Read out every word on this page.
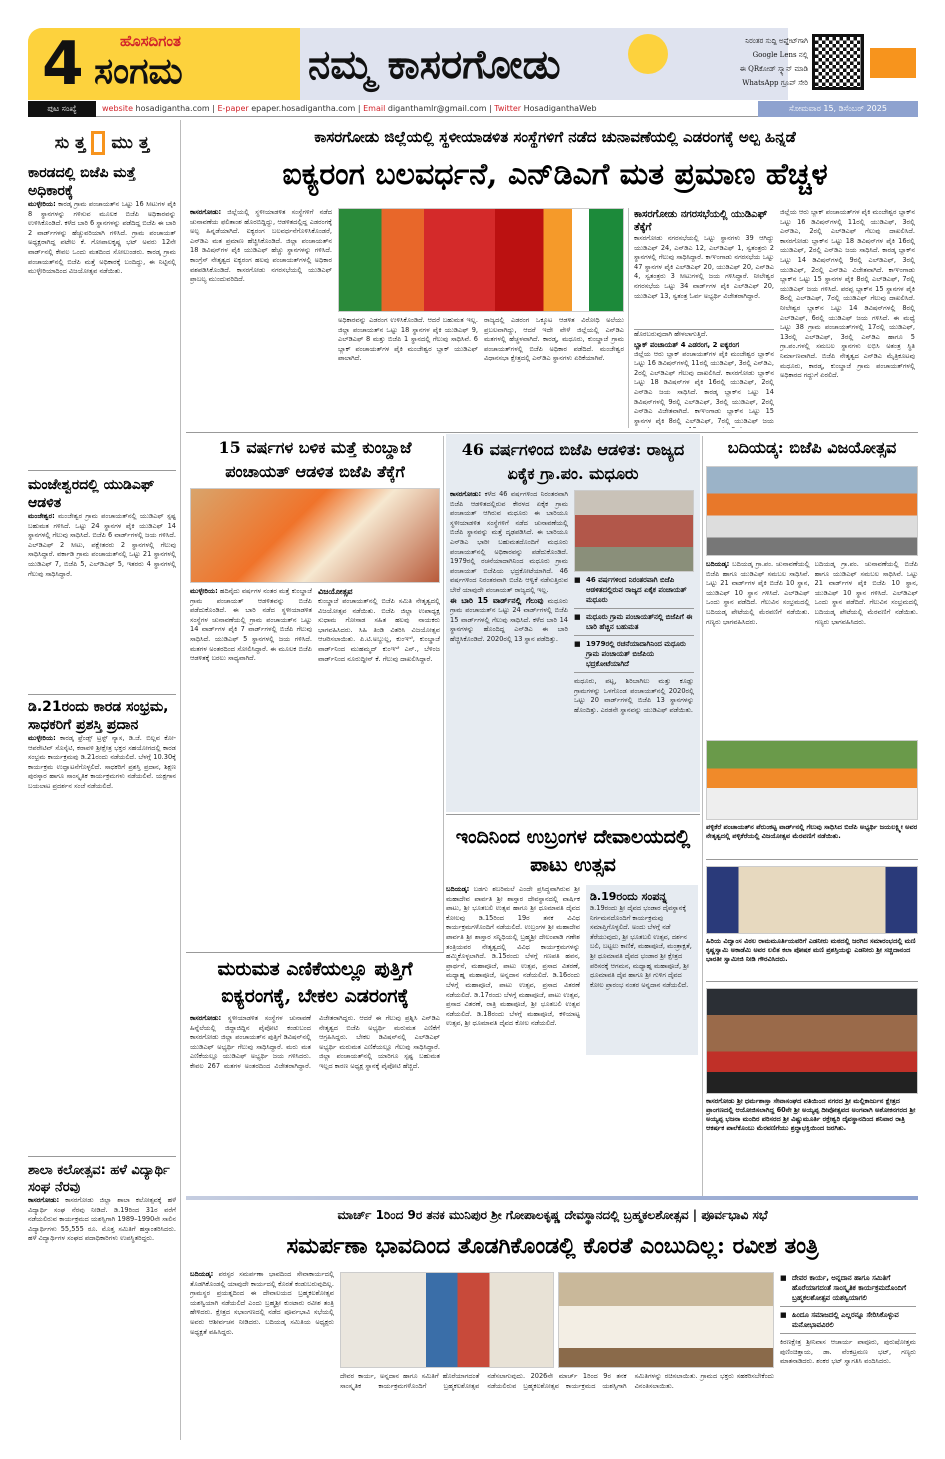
4 ಹೊಸದಿಗಂತ
ಸಂಗಮ	ನಮ್ಮ ಕಾಸರಗೋಡು	ನಿರಂತರ ಸುದ್ದಿ ಅಪ್ಡೇಟ್‌ಗಾಗಿ
Google Lens ನಲ್ಲಿ
ಈ QRಕೋಡ್ ಸ್ಕ್ಯಾನ್ ಮಾಡಿ
WhatsApp ಗ್ರೂಪ್ ಸೇರಿ
ಪುಟ ಸಂಖ್ಯೆ	website hosadigantha.com | E-paper epaper.hosadigantha.com | Email diganthamlr@gmail.com | Twitter HosadiganthaWeb	ಸೋಮವಾರ 15, ಡಿಸೆಂಬರ್ 2025
ಸು ತ್ತ ಮು ತ್ತ
ಕಾರಡದಲ್ಲಿ ಬಿಜೆಪಿ ಮತ್ತೆ ಅಧಿಕಾರಕ್ಕೆ
ಮುಳ್ಳೇರಿಯ: ಕಾರಡ್ಕ ಗ್ರಾಮ ಪಂಚಾಯತ್‌ನ ಒಟ್ಟು 16 ಸೀಟುಗಳ ಪೈಕಿ 8 ಸ್ಥಾನಗಳನ್ನು ಗಳಿಸುವ ಮೂಲಕ ಬಿಜೆಪಿ ಅಧಿಕಾರವನ್ನು ಉಳಿಸಿಕೊಂಡಿದೆ. ಕಳೆದ ಬಾರಿ 6 ಸ್ಥಾನಗಳನ್ನು ಪಡೆದಿದ್ದ ಬಿಜೆಪಿ ಈ ಬಾರಿ 2 ವಾರ್ಡ್‌ಗಳನ್ನು ಹೆಚ್ಚುವರಿಯಾಗಿ ಗಳಿಸಿದೆ. ಗ್ರಾಮ ಪಂಚಾಯತ್ ಅಧ್ಯಕ್ಷರಾಗಿದ್ದ ಪಟೇಲ ಕೆ. ಗೋಪಾಲಕೃಷ್ಣ ಭಟ್ ಅವರು 12ನೇ ವಾರ್ಡ್‌ನಲ್ಲಿ ಕೇವಲ ಒಂದು ಮತದಿಂದ ಸೋಲುಂಡರು. ಕಾರಡ್ಕ ಗ್ರಾಮ ಪಂಚಾಯತ್‌ನಲ್ಲಿ ಬಿಜೆಪಿ ಮತ್ತೆ ಅಧಿಕಾರಕ್ಕೆ ಬಂದಿದ್ದು, ಈ ನಿಟ್ಟಿನಲ್ಲಿ ಮುಳ್ಳೇರಿಯಾದಿಂದ ವಿಜಯೋತ್ಸವ ನಡೆಯಿತು.
ಮಂಜೇಶ್ವರದಲ್ಲಿ ಯುಡಿಎಫ್ ಆಡಳಿತ
ಮಂಜೇಶ್ವರ: ಮಂಜೇಶ್ವರ ಗ್ರಾಮ ಪಂಚಾಯತ್‌ನಲ್ಲಿ ಯುಡಿಎಫ್ ಸ್ಪಷ್ಟ ಬಹುಮತ ಗಳಿಸಿದೆ. ಒಟ್ಟು 24 ಸ್ಥಾನಗಳ ಪೈಕಿ ಯುಡಿಎಫ್ 14 ಸ್ಥಾನಗಳಲ್ಲಿ ಗೆಲುವು ಸಾಧಿಸಿದೆ. ಬಿಜೆಪಿ 6 ವಾರ್ಡ್‌ಗಳಲ್ಲಿ ಜಯ ಗಳಿಸಿದೆ. ಎಲ್‌ಡಿಎಫ್ 2 ಸೀಟು, ಪಕ್ಷೇತರರು 2 ಸ್ಥಾನಗಳಲ್ಲಿ ಗೆಲುವು ಸಾಧಿಸಿದ್ದಾರೆ. ವರ್ಕಾಡಿ ಗ್ರಾಮ ಪಂಚಾಯತ್‌ನಲ್ಲಿ ಒಟ್ಟು 21 ಸ್ಥಾನಗಳಲ್ಲಿ ಯುಡಿಎಫ್ 7, ಬಿಜೆಪಿ 5, ಎಲ್‌ಡಿಎಫ್ 5, ಇತರರು 4 ಸ್ಥಾನಗಳಲ್ಲಿ ಗೆಲುವು ಸಾಧಿಸಿದ್ದಾರೆ.
ಡಿ.21ರಂದು ಕಾರಡ ಸಂಭ್ರಮ, ಸಾಧಕರಿಗೆ ಪ್ರಶಸ್ತಿ ಪ್ರದಾನ
ಮುಳ್ಳೇರಿಯ: ಕಾರಡ್ಕ ಫ್ರೆಂಡ್ಸ್ ಟ್ರಸ್ಟ್ ನ್ಯಾಸ, ಡಿ.ಜೆ. ಬಿಲ್ಲವ ಕೋ-ಆಪರೇಟಿವ್ ಸೊಸೈಟಿ, ಕರಾವಳಿ ಶ್ರೀಕ್ಷೇತ್ರ ಭಕ್ತರ ಸಹಯೋಗದಲ್ಲಿ ಕಾರಡ ಸಂಭ್ರಮ ಕಾರ್ಯಕ್ರಮವು ಡಿ.21ರಂದು ನಡೆಯಲಿದೆ. ಬೆಳಗ್ಗೆ 10.30ಕ್ಕೆ ಕಾರ್ಯಕ್ರಮ ಉದ್ಘಾಟನೆಗೊಳ್ಳಲಿದೆ. ಸಾಧಕರಿಗೆ ಪ್ರಶಸ್ತಿ ಪ್ರದಾನ, ಶಿಕ್ಷಣ ಪುರಸ್ಕಾರ ಹಾಗೂ ಸಾಂಸ್ಕೃತಿಕ ಕಾರ್ಯಕ್ರಮಗಳು ನಡೆಯಲಿವೆ. ಯಕ್ಷಗಾನ ಬಯಲಾಟ ಪ್ರದರ್ಶನ ಸಂಜೆ ನಡೆಯಲಿದೆ.
ಶಾಲಾ ಕಲೋತ್ಸವ: ಹಳೆ ವಿದ್ಯಾರ್ಥಿ ಸಂಘ ನೆರವು
ಕಾಸರಗೋಡು: ಕಾಸರಗೋಡು ಜಿಲ್ಲಾ ಶಾಲಾ ಕಲೋತ್ಸವಕ್ಕೆ ಹಳೆ ವಿದ್ಯಾರ್ಥಿ ಸಂಘ ನೆರವು ನೀಡಿದೆ. ಡಿ.19ರಿಂದ 31ರ ವರೆಗೆ ನಡೆಯಲಿರುವ ಕಾರ್ಯಕ್ರಮದ ಯಶಸ್ಸಿಗಾಗಿ 1989–1990ನೇ ಸಾಲಿನ ವಿದ್ಯಾರ್ಥಿಗಳು 55,555 ರೂ. ಮೊತ್ತ ಸಮಿತಿಗೆ ಹಸ್ತಾಂತರಿಸಿದರು. ಹಳೆ ವಿದ್ಯಾರ್ಥಿಗಳ ಸಂಘದ ಪದಾಧಿಕಾರಿಗಳು ಉಪಸ್ಥಿತರಿದ್ದರು.
ಕಾಸರಗೋಡು ಜಿಲ್ಲೆಯಲ್ಲಿ ಸ್ಥಳೀಯಾಡಳಿತ ಸಂಸ್ಥೆಗಳಿಗೆ ನಡೆದ ಚುನಾವಣೆಯಲ್ಲಿ ಎಡರಂಗಕ್ಕೆ ಅಲ್ಪ ಹಿನ್ನಡೆ
ಐಕ್ಯರಂಗ ಬಲವರ್ಧನೆ, ಎನ್‌ಡಿಎಗೆ ಮತ ಪ್ರಮಾಣ ಹೆಚ್ಚಳ
ಕಾಸರಗೋಡು: ಜಿಲ್ಲೆಯಲ್ಲಿ ಸ್ಥಳೀಯಾಡಳಿತ ಸಂಸ್ಥೆಗಳಿಗೆ ನಡೆದ ಚುನಾವಣೆಯ ಫಲಿತಾಂಶ ಹೊರಬಿದ್ದಿದ್ದು, ಆಡಳಿತದಲ್ಲಿದ್ದ ಎಡರಂಗಕ್ಕೆ ಅಲ್ಪ ಹಿನ್ನಡೆಯಾಗಿದೆ. ಐಕ್ಯರಂಗ ಬಲವರ್ಧನೆಗೊಳಿಸಿಕೊಂಡರೆ, ಎನ್‌ಡಿಎ ಮತ ಪ್ರಮಾಣ ಹೆಚ್ಚಿಸಿಕೊಂಡಿದೆ. ಜಿಲ್ಲಾ ಪಂಚಾಯತ್‌ನ 18 ಡಿವಿಷನ್‌ಗಳ ಪೈಕಿ ಯುಡಿಎಫ್ ಹೆಚ್ಚು ಸ್ಥಾನಗಳನ್ನು ಗಳಿಸಿದೆ. ಕಾಂಗ್ರೆಸ್ ನೇತೃತ್ವದ ಐಕ್ಯರಂಗ ಹಲವು ಪಂಚಾಯತ್‌ಗಳಲ್ಲಿ ಅಧಿಕಾರ ವಶಪಡಿಸಿಕೊಂಡಿದೆ. ಕಾಸರಗೋಡು ನಗರಸಭೆಯಲ್ಲಿ ಯುಡಿಎಫ್ ಪ್ರಾಬಲ್ಯ ಮುಂದುವರಿದಿದೆ.
ಅಧಿಕಾರವನ್ನು ಎಡರಂಗ ಉಳಿಸಿಕೊಂಡಿದೆ. ಆದರೆ ಬಹುಮತ ಇಲ್ಲ. ಜಿಲ್ಲಾ ಪಂಚಾಯತ್‌ನ ಒಟ್ಟು 18 ಸ್ಥಾನಗಳ ಪೈಕಿ ಯುಡಿಎಫ್ 9, ಎಲ್‌ಡಿಎಫ್ 8 ಮತ್ತು ಬಿಜೆಪಿ 1 ಸ್ಥಾನದಲ್ಲಿ ಗೆಲುವು ಸಾಧಿಸಿವೆ. 6 ಬ್ಲಾಕ್ ಪಂಚಾಯತ್‌ಗಳ ಪೈಕಿ ಮಂಜೇಶ್ವರ ಬ್ಲಾಕ್ ಯುಡಿಎಫ್ ಪಾಲಾಗಿದೆ.
ರಾಜ್ಯದಲ್ಲಿ ಎಡರಂಗ ಒಕ್ಕೂಟ ಆಡಳಿತ ವಿರೋಧಿ ಅಲೆಯು ಪ್ರಬಲವಾಗಿದ್ದು, ಆದರೆ ಇದೇ ವೇಳೆ ಜಿಲ್ಲೆಯಲ್ಲಿ ಎನ್‌ಡಿಎ ಮತಗಳಲ್ಲಿ ಹೆಚ್ಚಳವಾಗಿದೆ. ಕಾರಡ್ಕ, ಮಧೂರು, ಕುಂಬ್ಡಾಜೆ ಗ್ರಾಮ ಪಂಚಾಯತ್‌ಗಳಲ್ಲಿ ಬಿಜೆಪಿ ಅಧಿಕಾರ ಪಡೆದಿದೆ. ಮಂಜೇಶ್ವರ ವಿಧಾನಸಭಾ ಕ್ಷೇತ್ರದಲ್ಲಿ ಎನ್‌ಡಿಎ ಸ್ಥಾನಗಳು ಏರಿಕೆಯಾಗಿವೆ.
ಕಾಸರಗೋಡು ನಗರಸಭೆಯಲ್ಲಿ ಯುಡಿಎಫ್ ತೆಕ್ಕೆಗೆ
ಕಾಸರಗೋಡು ನಗರಸಭೆಯಲ್ಲಿ ಒಟ್ಟು ಸ್ಥಾನಗಳು 39 ಆಗಿದ್ದು ಯುಡಿಎಫ್ 24, ಎನ್‌ಡಿಎ 12, ಎಲ್‌ಡಿಎಫ್ 1, ಸ್ವತಂತ್ರರು 2 ಸ್ಥಾನಗಳಲ್ಲಿ ಗೆಲುವು ಸಾಧಿಸಿದ್ದಾರೆ. ಕಾಞಂಗಾಡು ನಗರಸಭೆಯ ಒಟ್ಟು 47 ಸ್ಥಾನಗಳ ಪೈಕಿ ಎಲ್‌ಡಿಎಫ್ 20, ಯುಡಿಎಫ್ 20, ಎನ್‌ಡಿಎ 4, ಸ್ವತಂತ್ರರು 3 ಸೀಟುಗಳಲ್ಲಿ ಜಯ ಗಳಿಸಿದ್ದಾರೆ. ನೀಲೇಶ್ವರ ನಗರಸಭೆಯ ಒಟ್ಟು 34 ವಾರ್ಡ್‌ಗಳ ಪೈಕಿ ಎಲ್‌ಡಿಎಫ್ 20, ಯುಡಿಎಫ್ 13, ಸ್ವತಂತ್ರ ಓರ್ವ ಅಭ್ಯರ್ಥಿ ವಿಜೇತರಾಗಿದ್ದಾರೆ.
ಹೊರಬರುವುದಾಗಿ ಹೇಳಲಾಗುತ್ತಿದೆ.
ಬ್ಲಾಕ್ ಪಂಚಾಯತ್ 4 ಎಡರಂಗ, 2 ಐಕ್ಯರಂಗ
ಜಿಲ್ಲೆಯ ಆರು ಬ್ಲಾಕ್ ಪಂಚಾಯತ್‌ಗಳ ಪೈಕಿ ಮಂಜೇಶ್ವರ ಬ್ಲಾಕ್‌ನ ಒಟ್ಟು 16 ಡಿವಿಷನ್‌ಗಳಲ್ಲಿ 11ರಲ್ಲಿ ಯುಡಿಎಫ್, 3ರಲ್ಲಿ ಎನ್‌ಡಿಎ, 2ರಲ್ಲಿ ಎಲ್‌ಡಿಎಫ್ ಗೆಲುವು ದಾಖಲಿಸಿದೆ. ಕಾಸರಗೋಡು ಬ್ಲಾಕ್‌ನ ಒಟ್ಟು 18 ಡಿವಿಷನ್‌ಗಳ ಪೈಕಿ 16ರಲ್ಲಿ ಯುಡಿಎಫ್, 2ರಲ್ಲಿ ಎನ್‌ಡಿಎ ಜಯ ಸಾಧಿಸಿದೆ. ಕಾರಡ್ಕ ಬ್ಲಾಕ್‌ನ ಒಟ್ಟು 14 ಡಿವಿಷನ್‌ಗಳಲ್ಲಿ 9ರಲ್ಲಿ ಎಲ್‌ಡಿಎಫ್, 3ರಲ್ಲಿ ಯುಡಿಎಫ್, 2ರಲ್ಲಿ ಎನ್‌ಡಿಎ ವಿಜೇತವಾಗಿದೆ. ಕಾಞಂಗಾಡು ಬ್ಲಾಕ್‌ನ ಒಟ್ಟು 15 ಸ್ಥಾನಗಳ ಪೈಕಿ 8ರಲ್ಲಿ ಎಲ್‌ಡಿಎಫ್, 7ರಲ್ಲಿ ಯುಡಿಎಫ್ ಜಯ
ಜಿಲ್ಲೆಯ ಆರು ಬ್ಲಾಕ್ ಪಂಚಾಯತ್‌ಗಳ ಪೈಕಿ ಮಂಜೇಶ್ವರ ಬ್ಲಾಕ್‌ನ ಒಟ್ಟು 16 ಡಿವಿಷನ್‌ಗಳಲ್ಲಿ 11ರಲ್ಲಿ ಯುಡಿಎಫ್, 3ರಲ್ಲಿ ಎನ್‌ಡಿಎ, 2ರಲ್ಲಿ ಎಲ್‌ಡಿಎಫ್ ಗೆಲುವು ದಾಖಲಿಸಿದೆ. ಕಾಸರಗೋಡು ಬ್ಲಾಕ್‌ನ ಒಟ್ಟು 18 ಡಿವಿಷನ್‌ಗಳ ಪೈಕಿ 16ರಲ್ಲಿ ಯುಡಿಎಫ್, 2ರಲ್ಲಿ ಎನ್‌ಡಿಎ ಜಯ ಸಾಧಿಸಿದೆ. ಕಾರಡ್ಕ ಬ್ಲಾಕ್‌ನ ಒಟ್ಟು 14 ಡಿವಿಷನ್‌ಗಳಲ್ಲಿ 9ರಲ್ಲಿ ಎಲ್‌ಡಿಎಫ್, 3ರಲ್ಲಿ ಯುಡಿಎಫ್, 2ರಲ್ಲಿ ಎನ್‌ಡಿಎ ವಿಜೇತವಾಗಿದೆ. ಕಾಞಂಗಾಡು ಬ್ಲಾಕ್‌ನ ಒಟ್ಟು 15 ಸ್ಥಾನಗಳ ಪೈಕಿ 8ರಲ್ಲಿ ಎಲ್‌ಡಿಎಫ್, 7ರಲ್ಲಿ ಯುಡಿಎಫ್ ಜಯ ಗಳಿಸಿದೆ. ಪರಪ್ಪ ಬ್ಲಾಕ್‌ನ 15 ಸ್ಥಾನಗಳ ಪೈಕಿ 8ರಲ್ಲಿ ಎಲ್‌ಡಿಎಫ್, 7ರಲ್ಲಿ ಯುಡಿಎಫ್ ಗೆಲುವು ದಾಖಲಿಸಿದೆ. ನೀಲೇಶ್ವರ ಬ್ಲಾಕ್‌ನ ಒಟ್ಟು 14 ಡಿವಿಷನ್‌ಗಳಲ್ಲಿ 8ರಲ್ಲಿ ಎಲ್‌ಡಿಎಫ್, 6ರಲ್ಲಿ ಯುಡಿಎಫ್ ಜಯ ಗಳಿಸಿದೆ. ಈ ಮಧ್ಯೆ ಒಟ್ಟು 38 ಗ್ರಾಮ ಪಂಚಾಯತ್‌ಗಳಲ್ಲಿ 17ರಲ್ಲಿ ಯುಡಿಎಫ್, 13ರಲ್ಲಿ ಎಲ್‌ಡಿಎಫ್, 3ರಲ್ಲಿ ಎನ್‌ಡಿಎ ಹಾಗೂ 5 ಗ್ರಾ.ಪಂ.ಗಳಲ್ಲಿ ಸಮಬಲ ಸ್ಥಾನಗಳು ಲಭಿಸಿ ಅತಂತ್ರ ಸ್ಥಿತಿ ನಿರ್ಮಾಣವಾಗಿದೆ. ಬಿಜೆಪಿ ನೇತೃತ್ವದ ಎನ್‌ಡಿಎ ಮೈತ್ರಿಕೂಟವು ಮಧೂರು, ಕಾರಡ್ಕ, ಕುಂಬ್ಡಾಜೆ ಗ್ರಾಮ ಪಂಚಾಯತ್‌ಗಳಲ್ಲಿ ಅಧಿಕಾರದ ಗದ್ದುಗೆ ಏರಲಿದೆ.
15 ವರ್ಷಗಳ ಬಳಿಕ ಮತ್ತೆ ಕುಂಬ್ಡಾಜೆ ಪಂಚಾಯತ್ ಆಡಳಿತ ಬಿಜೆಪಿ ತೆಕ್ಕೆಗೆ
ಮುಳ್ಳೇರಿಯ: ಹದಿನೈದು ವರ್ಷಗಳ ನಂತರ ಮತ್ತೆ ಕುಂಬ್ಡಾಜೆ ಗ್ರಾಮ ಪಂಚಾಯತ್ ಆಡಳಿತವನ್ನು ಬಿಜೆಪಿ ಪಡೆದುಕೊಂಡಿದೆ. ಈ ಬಾರಿ ನಡೆದ ಸ್ಥಳೀಯಾಡಳಿತ ಸಂಸ್ಥೆಗಳ ಚುನಾವಣೆಯಲ್ಲಿ ಗ್ರಾಮ ಪಂಚಾಯತ್‌ನ ಒಟ್ಟು 14 ವಾರ್ಡ್‌ಗಳ ಪೈಕಿ 7 ವಾರ್ಡ್‌ಗಳಲ್ಲಿ ಬಿಜೆಪಿ ಗೆಲುವು ಸಾಧಿಸಿದೆ. ಯುಡಿಎಫ್ 5 ಸ್ಥಾನಗಳಲ್ಲಿ ಜಯ ಗಳಿಸಿದೆ. ಮತಗಳ ಅಂತರದಿಂದ ಸೋಲಿಸಿದ್ದಾರೆ. ಈ ಮೂಲಕ ಬಿಜೆಪಿ ಆಡಳಿತಕ್ಕೆ ಬರಲು ಸಾಧ್ಯವಾಗಿದೆ.
ವಿಜಯೋತ್ಸವ
ಕುಂಬ್ಡಾಜೆ ಪಂಚಾಯತ್‌ನಲ್ಲಿ ಬಿಜೆಪಿ ಸಮಿತಿ ನೇತೃತ್ವದಲ್ಲಿ ವಿಜಯೋತ್ಸವ ನಡೆಯಿತು. ಬಿಜೆಪಿ ಜಿಲ್ಲಾ ಉಪಾಧ್ಯಕ್ಷ ಸುಧಾಮ ಗೋಸಾಡ ಸಹಿತ ಹಲವು ನಾಯಕರು ಭಾಗವಹಿಸಿದರು. ಸಿಹಿ ತಿಂಡಿ ವಿತರಿಸಿ ವಿಜಯೋತ್ಸವ ಆಚರಿಸಲಾಯಿತು. ಪಿ.ಟಿ.ಅಬ್ದುಲ್ಲ, ಕುಂಞಿ, ಕುಂಬ್ಡಾಜೆ ವಾರ್ಡ್‌ನಿಂದ ಮುಹಮ್ಮದ್ ಕುಂಞಿ ಎನ್., ಬೆಳಿಂಜ ವಾರ್ಡ್‌ನಿಂದ ನೂರುದ್ದೀನ್ ಕೆ. ಗೆಲುವು ದಾಖಲಿಸಿದ್ದಾರೆ.
46 ವರ್ಷಗಳಿಂದ ಬಿಜೆಪಿ ಆಡಳಿತ: ರಾಜ್ಯದ ಏಕೈಕ ಗ್ರಾ.ಪಂ. ಮಧೂರು
ಕಾಸರಗೋಡು: ಕಳೆದ 46 ವರ್ಷಗಳಿಂದ ನಿರಂತರವಾಗಿ ಬಿಜೆಪಿ ಆಡಳಿತದಲ್ಲಿರುವ ಕೇರಳದ ಏಕೈಕ ಗ್ರಾಮ ಪಂಚಾಯತ್ ಆಗಿರುವ ಮಧೂರು ಈ ಬಾರಿಯೂ ಸ್ಥಳೀಯಾಡಳಿತ ಸಂಸ್ಥೆಗಳಿಗೆ ನಡೆದ ಚುನಾವಣೆಯಲ್ಲಿ ಬಿಜೆಪಿ ಸ್ಥಾನವನ್ನು ಮತ್ತೆ ದೃಢಪಡಿಸಿದೆ. ಈ ಬಾರಿಯೂ ಎನ್‌ಡಿಎ ಭಾರೀ ಬಹುಮತದೊಂದಿಗೆ ಮಧೂರು ಪಂಚಾಯತ್‌ನಲ್ಲಿ ಅಧಿಕಾರವನ್ನು ಪಡೆದುಕೊಂಡಿದೆ. 1979ರಲ್ಲಿ ರಚನೆಯಾದಾಗಿನಿಂದ ಮಧೂರು ಗ್ರಾಮ ಪಂಚಾಯತ್ ಬಿಜೆಪಿಯ ಭದ್ರಕೋಟೆಯಾಗಿದೆ. 46 ವರ್ಷಗಳಿಂದ ನಿರಂತರವಾಗಿ ಬಿಜೆಪಿ ಆಳ್ವಿಕೆ ನಡೆಸುತ್ತಿರುವ ಬೇರೆ ಯಾವುದೇ ಪಂಚಾಯತ್ ರಾಜ್ಯದಲ್ಲಿ ಇಲ್ಲ.
ಈ ಬಾರಿ 15 ವಾರ್ಡ್‌ನಲ್ಲಿ ಗೆಲುವು ಮಧೂರು ಗ್ರಾಮ ಪಂಚಾಯತ್‌ನ ಒಟ್ಟು 24 ವಾರ್ಡ್‌ಗಳಲ್ಲಿ ಬಿಜೆಪಿ 15 ವಾರ್ಡ್‌ಗಳಲ್ಲಿ ಗೆಲುವು ಸಾಧಿಸಿದೆ. ಕಳೆದ ಬಾರಿ 14 ಸ್ಥಾನಗಳನ್ನು ಹೊಂದಿದ್ದ ಎನ್‌ಡಿಎ ಈ ಬಾರಿ ಹೆಚ್ಚಿಸಿಕೊಂಡಿದೆ. 2020ರಲ್ಲಿ 13 ಸ್ಥಾನ ಪಡೆದಿತ್ತು.
■ 46 ವರ್ಷಗಳಿಂದ ನಿರಂತರವಾಗಿ ಬಿಜೆಪಿ ಆಡಳಿತದಲ್ಲಿರುವ ರಾಜ್ಯದ ಏಕೈಕ ಪಂಚಾಯತ್ ಮಧೂರು
■ ಮಧೂರು ಗ್ರಾಮ ಪಂಚಾಯತ್‌ನಲ್ಲಿ ಬಿಜೆಪಿಗೆ ಈ ಬಾರಿ ಹೆಚ್ಚಿನ ಬಹುಮತ
■ 1979ರಲ್ಲಿ ರಚನೆಯಾದಾಗಿನಿಂದ ಮಧೂರು ಗ್ರಾಮ ಪಂಚಾಯತ್ ಬಿಜೆಪಿಯ ಭದ್ರಕೋಟೆಯಾಗಿದೆ
ಮಧೂರು, ಪಟ್ಲ, ಶಿರಿಬಾಗಿಲು ಮತ್ತು ಕೂಡ್ಲು ಗ್ರಾಮಗಳನ್ನು ಒಳಗೊಂಡ ಪಂಚಾಯತ್‌ನಲ್ಲಿ 2020ರಲ್ಲಿ ಒಟ್ಟು 20 ವಾರ್ಡ್‌ಗಳಲ್ಲಿ ಬಿಜೆಪಿ 13 ಸ್ಥಾನಗಳನ್ನು ಹೊಂದಿತ್ತು. ಎರಡನೇ ಸ್ಥಾನವನ್ನು ಯುಡಿಎಫ್ ಪಡೆಯಿತು.
ಬದಿಯಡ್ಕ: ಬಿಜೆಪಿ ವಿಜಯೋತ್ಸವ
ಬದಿಯಡ್ಕ: ಬದಿಯಡ್ಕ ಗ್ರಾ.ಪಂ. ಚುನಾವಣೆಯಲ್ಲಿ ಬಿಜೆಪಿ ಹಾಗೂ ಯುಡಿಎಫ್ ಸಮಬಲ ಸಾಧಿಸಿವೆ. ಒಟ್ಟು 21 ವಾರ್ಡ್‌ಗಳ ಪೈಕಿ ಬಿಜೆಪಿ 10 ಸ್ಥಾನ, ಯುಡಿಎಫ್ 10 ಸ್ಥಾನ ಗಳಿಸಿದೆ. ಎಲ್‌ಡಿಎಫ್ ಒಂದು ಸ್ಥಾನ ಪಡೆದಿದೆ. ಗೆಲುವಿನ ಸಂಭ್ರಮದಲ್ಲಿ ಬದಿಯಡ್ಕ ಪೇಟೆಯಲ್ಲಿ ಮೆರವಣಿಗೆ ನಡೆಯಿತು. ಗಣ್ಯರು ಭಾಗವಹಿಸಿದರು.
ಬದಿಯಡ್ಕ ಗ್ರಾ.ಪಂ. ಚುನಾವಣೆಯಲ್ಲಿ ಬಿಜೆಪಿ ಹಾಗೂ ಯುಡಿಎಫ್ ಸಮಬಲ ಸಾಧಿಸಿವೆ. ಒಟ್ಟು 21 ವಾರ್ಡ್‌ಗಳ ಪೈಕಿ ಬಿಜೆಪಿ 10 ಸ್ಥಾನ, ಯುಡಿಎಫ್ 10 ಸ್ಥಾನ ಗಳಿಸಿದೆ. ಎಲ್‌ಡಿಎಫ್ ಒಂದು ಸ್ಥಾನ ಪಡೆದಿದೆ. ಗೆಲುವಿನ ಸಂಭ್ರಮದಲ್ಲಿ ಬದಿಯಡ್ಕ ಪೇಟೆಯಲ್ಲಿ ಮೆರವಣಿಗೆ ನಡೆಯಿತು. ಗಣ್ಯರು ಭಾಗವಹಿಸಿದರು.
ಪಳ್ಳಿಕೆರೆ ಪಂಚಾಯತ್‌ನ ಪೆರುಂಕಟ್ಟ ವಾರ್ಡ್‌ನಲ್ಲಿ ಗೆಲುವು ಸಾಧಿಸಿದ ಬಿಜೆಪಿ ಅಭ್ಯರ್ಥಿ ಜಯಲಕ್ಷ್ಮೀ ಅವರ ನೇತೃತ್ವದಲ್ಲಿ ಪಳ್ಳಿಕೆರೆಯಲ್ಲಿ ವಿಜಯೋತ್ಸವ ಮೆರವಣಿಗೆ ನಡೆಯಿತು.
ಹಿರಿಯ ವಿದ್ವಾಂಸ ವಿಠಲ ರಾಮಮೂರ್ತಿಯವರಿಗೆ ಎಡನೀರು ಮಠದಲ್ಲಿ ಜರಗಿದ ಸಮಾರಂಭದಲ್ಲಿ ಮಣಿ ಕೃಷ್ಣಸ್ವಾಮಿ ಅಕಾಡೆಮಿ ಅವರ ಲಲಿತ ಕಲಾ ಪೋಷಕ ಮಣಿ ಪ್ರಶಸ್ತಿಯನ್ನು ಎಡನೀರು ಶ್ರೀ ಸಚ್ಚಿದಾನಂದ ಭಾರತೀ ಸ್ವಾಮೀಜಿ ನೀಡಿ ಗೌರವಿಸಿದರು.
ಕಾಸರಗೋಡು ಶ್ರೀ ಧರ್ಮಶಾಸ್ತಾ ಸೇವಾಸಂಘದ ವತಿಯಿಂದ ನಗರದ ಶ್ರೀ ಮಲ್ಲಿಕಾರ್ಜುನ ಕ್ಷೇತ್ರದ ಪ್ರಾಂಗಣದಲ್ಲಿ ಆಯೋಜಿಸಲಾಗಿದ್ದ 60ನೇ ಶ್ರೀ ಅಯ್ಯಪ್ಪ ದೀಪೋತ್ಸವದ ಅಂಗವಾಗಿ ಅಶೋಕನಗರದ ಶ್ರೀ ಅಯ್ಯಪ್ಪ ಭಜನಾ ಮಂದಿರ ಪರಿಸರದ ಶ್ರೀ ವಿಷ್ಣುಮೂರ್ತಿ ರಕ್ತೇಶ್ವರಿ ದೈವಸ್ಥಾನದಿಂದ ಶನಿವಾರ ರಾತ್ರಿ ಆಕರ್ಷಕ ಪಾಲೆಕೊಂಬು ಮೆರವಣಿಗೆಯು ಶ್ರದ್ಧಾಭಕ್ತಿಯಿಂದ ಜರಗಿತು.
ಇಂದಿನಿಂದ ಉಬ್ರಂಗಳ ದೇವಾಲಯದಲ್ಲಿ ಪಾಟು ಉತ್ಸವ
ಬದಿಯಡ್ಕ: ಬಡಗು ಶಬರಿಮಲೆ ಎಂದೇ ಪ್ರಸಿದ್ಧವಾಗಿರುವ ಶ್ರೀ ಮಹಾದೇವ ಪಾರ್ವತಿ ಶ್ರೀ ಶಾಸ್ತಾರ ದೇವಸ್ಥಾನದಲ್ಲಿ ವಾರ್ಷಿಕ ಪಾಟು, ಶ್ರೀ ಭೂತಬಲಿ ಉತ್ಸವ ಹಾಗೂ ಶ್ರೀ ಧೂಮಾವತಿ ದೈವದ ಕೋಲವು ಡಿ.15ರಿಂದ 19ರ ತನಕ ವಿವಿಧ ಕಾರ್ಯಕ್ರಮಗಳೊಂದಿಗೆ ನಡೆಯಲಿದೆ. ಉಬ್ರಂಗಳ ಶ್ರೀ ಮಹಾದೇವ ಪಾರ್ವತಿ ಶ್ರೀ ಶಾಸ್ತಾರ ಸನ್ನಿಧಿಯಲ್ಲಿ ಬ್ರಹ್ಮಶ್ರೀ ದೇಲಂಪಾಡಿ ಗಣೇಶ ತಂತ್ರಿಯವರ ನೇತೃತ್ವದಲ್ಲಿ ವಿವಿಧ ಕಾರ್ಯಕ್ರಮಗಳನ್ನು ಹಮ್ಮಿಕೊಳ್ಳಲಾಗಿದೆ. ಡಿ.15ರಂದು ಬೆಳಗ್ಗೆ ಗಣಪತಿ ಹವನ, ಪ್ರಾರ್ಥನೆ, ಮಹಾಪೂಜೆ, ಪಾಟು ಉತ್ಸವ, ಪ್ರಸಾದ ವಿತರಣೆ, ಮಧ್ಯಾಹ್ನ ಮಹಾಪೂಜೆ, ಅನ್ನದಾನ ನಡೆಯಲಿದೆ. ಡಿ.16ರಂದು ಬೆಳಗ್ಗೆ ಮಹಾಪೂಜೆ, ಪಾಟು ಉತ್ಸವ, ಪ್ರಸಾದ ವಿತರಣೆ ನಡೆಯಲಿದೆ. ಡಿ.17ರಂದು ಬೆಳಗ್ಗೆ ಮಹಾಪೂಜೆ, ಪಾಟು ಉತ್ಸವ, ಪ್ರಸಾದ ವಿತರಣೆ, ರಾತ್ರಿ ಮಹಾಪೂಜೆ, ಶ್ರೀ ಭೂತಬಲಿ ಉತ್ಸವ ನಡೆಯಲಿದೆ. ಡಿ.18ರಂದು ಬೆಳಗ್ಗೆ ಮಹಾಪೂಜೆ, ಕಳಿಯಾಟ್ಟ ಉತ್ಸವ, ಶ್ರೀ ಧೂಮಾವತಿ ದೈವದ ಕೋಲ ನಡೆಯಲಿದೆ.
ಡಿ.19ರಂದು ಸಂಪನ್ನ
ಡಿ.19ರಂದು ಶ್ರೀ ದೈವದ ಭಂಡಾರ ದೈವಸ್ಥಾನಕ್ಕೆ ನಿರ್ಗಮನದೊಂದಿಗೆ ಕಾರ್ಯಕ್ರಮವು ಸಮಾಪ್ತಿಗೊಳ್ಳಲಿದೆ. ಅಂದು ಬೆಳಗ್ಗೆ ನಡೆ ತೆರೆಯುವುದು, ಶ್ರೀ ಭೂತಬಲಿ ಉತ್ಸವ, ದರ್ಶನ ಬಲಿ, ಬಟ್ಟಲು ಕಾಣಿಕೆ, ಮಹಾಪೂಜೆ, ಮಂತ್ರಾಕ್ಷತೆ, ಶ್ರೀ ಧೂಮಾವತಿ ದೈವದ ಭಂಡಾರ ಶ್ರೀ ಕ್ಷೇತ್ರದ ಪರಿಸರಕ್ಕೆ ಆಗಮನ, ಮಧ್ಯಾಹ್ನ ಮಹಾಪೂಜೆ, ಶ್ರೀ ಧೂಮಾವತಿ ದೈವ ಹಾಗೂ ಶ್ರೀ ಗುಳಿಗ ದೈವದ ಕೋಲ ಪ್ರಾರಂಭ ನಂತರ ಅನ್ನದಾನ ನಡೆಯಲಿದೆ.
ಮರುಮತ ಎಣಿಕೆಯಲ್ಲೂ ಪುತ್ತಿಗೆ ಐಕ್ಯರಂಗಕ್ಕೆ, ಬೇಕಲ ಎಡರಂಗಕ್ಕೆ
ಕಾಸರಗೋಡು: ಸ್ಥಳೀಯಾಡಳಿತ ಸಂಸ್ಥೆಗಳ ಚುನಾವಣೆ ಹಿನ್ನೆಲೆಯಲ್ಲಿ ಜಿದ್ದಾಜಿದ್ದಿನ ಪೈಪೋಟಿ ಕಂಡುಬಂದ ಕಾಸರಗೋಡು ಜಿಲ್ಲಾ ಪಂಚಾಯತ್‌ನ ಪುತ್ತಿಗೆ ಡಿವಿಷನ್‌ನಲ್ಲಿ ಯುಡಿಎಫ್ ಅಭ್ಯರ್ಥಿ ಗೆಲುವು ಸಾಧಿಸಿದ್ದಾರೆ. ಮರು ಮತ ಎಣಿಕೆಯಲ್ಲೂ ಯುಡಿಎಫ್ ಅಭ್ಯರ್ಥಿ ಜಯ ಗಳಿಸಿದರು. ಕೇವಲ 267 ಮತಗಳ ಅಂತರದಿಂದ ವಿಜೇತರಾಗಿದ್ದಾರೆ. ವಿಜೇತರಾಗಿದ್ದರು. ಆದರೆ ಈ ಗೆಲುವು ಪ್ರಶ್ನಿಸಿ ಎನ್‌ಡಿಎ ನೇತೃತ್ವದ ಬಿಜೆಪಿ ಅಭ್ಯರ್ಥಿ ಮರುಮತ ಎಣಿಕೆಗೆ ಆಗ್ರಹಿಸಿದ್ದರು. ಬೇಕಲ ಡಿವಿಷನ್‌ನಲ್ಲಿ ಎಲ್‌ಡಿಎಫ್ ಅಭ್ಯರ್ಥಿ ಮರುಮತ ಎಣಿಕೆಯಲ್ಲೂ ಗೆಲುವು ಸಾಧಿಸಿದ್ದಾರೆ. ಜಿಲ್ಲಾ ಪಂಚಾಯತ್‌ನಲ್ಲಿ ಯಾರಿಗೂ ಸ್ಪಷ್ಟ ಬಹುಮತ ಇಲ್ಲದ ಕಾರಣ ಅಧ್ಯಕ್ಷ ಸ್ಥಾನಕ್ಕೆ ಪೈಪೋಟಿ ಹೆಚ್ಚಿದೆ.
ಮಾರ್ಚ್ 1ರಿಂದ 9ರ ತನಕ ಮುನಿಪುರ ಶ್ರೀ ಗೋಪಾಲಕೃಷ್ಣ ದೇವಸ್ಥಾನದಲ್ಲಿ ಬ್ರಹ್ಮಕಲಶೋತ್ಸವ | ಪೂರ್ವಭಾವಿ ಸಭೆ
ಸಮರ್ಪಣಾ ಭಾವದಿಂದ ತೊಡಗಿಕೊಂಡಲ್ಲಿ ಕೊರತೆ ಎಂಬುದಿಲ್ಲ: ರವೀಶ ತಂತ್ರಿ
ಬದಿಯಡ್ಕ: ಪರಸ್ಪರ ಸಮರ್ಪಣಾ ಭಾವದಿಂದ ಸೇವಾಕಾರ್ಯದಲ್ಲಿ ತೊಡಗಿಕೊಂಡಲ್ಲಿ ಯಾವುದೇ ಕಾರ್ಯದಲ್ಲಿ ಕೊರತೆ ಕಂಡುಬರುವುದಿಲ್ಲ. ಗ್ರಾಮಸ್ಥರ ಪ್ರಯತ್ನದಿಂದ ಈ ದೇವಾಲಯದ ಬ್ರಹ್ಮಕಲಶೋತ್ಸವ ಯಶಸ್ವಿಯಾಗಿ ನಡೆಯಲಿದೆ ಎಂದು ಬ್ರಹ್ಮಶ್ರೀ ಕುಂಟಾರು ರವೀಶ ತಂತ್ರಿ ಹೇಳಿದರು. ಕ್ಷೇತ್ರದ ಸಭಾಂಗಣದಲ್ಲಿ ನಡೆದ ಪೂರ್ವಭಾವಿ ಸಭೆಯಲ್ಲಿ ಅವರು ಆಶೀರ್ವಚನ ನೀಡಿದರು. ಬದಿಯಡ್ಕ ಸಮಿತಿಯ ಅಧ್ಯಕ್ಷರು ಅಧ್ಯಕ್ಷತೆ ವಹಿಸಿದ್ದರು.
ದೇವರ ಕಾರ್ಯ, ಅನ್ನದಾನ ಹಾಗೂ ಸಮಿತಿಗೆ ಹೊರೆಯಾಗದಂತೆ ಸಾಂಸ್ಕೃತಿಕ ಕಾರ್ಯಕ್ರಮಗಳೊಂದಿಗೆ ಬ್ರಹ್ಮಕಲಶೋತ್ಸವ ನಡೆಸಲಾಗುವುದು. 2026ನೇ ಮಾರ್ಚ್ 1ರಿಂದ 9ರ ತನಕ ನಡೆಯಲಿರುವ ಬ್ರಹ್ಮಕಲಶೋತ್ಸವ ಕಾರ್ಯಕ್ರಮದ ಯಶಸ್ಸಿಗಾಗಿ ಸಮಿತಿಗಳನ್ನು ರಚಿಸಲಾಯಿತು. ಗ್ರಾಮದ ಭಕ್ತರು ಸಹಕರಿಸಬೇಕೆಂದು ವಿನಂತಿಸಲಾಯಿತು.
■ ದೇವರ ಕಾರ್ಯ, ಅನ್ನದಾನ ಹಾಗೂ ಸಮಿತಿಗೆ ಹೊರೆಯಾಗದಂತೆ ಸಾಂಸ್ಕೃತಿಕ ಕಾರ್ಯಕ್ರಮದೊಂದಿಗೆ ಬ್ರಹ್ಮಕಲಶೋತ್ಸವ ಯಶಸ್ವಿಯಾಗಲಿ
■ ಹಿಂದೂ ಸಮಾಜದಲ್ಲಿ ಎಲ್ಲರನ್ನೂ ಸೇರಿಸಿಕೊಳ್ಳುವ ಮನೋಭಾವವಿರಲಿ
ಕಿರಣಕ್ಷೇತ್ರ ಶ್ರೀನಿವಾಸ ಆಚಾರ್ಯ ಪಾವೂರು, ಪುರುಷೋತ್ತಮ ಪುಣಿಂಚಿತ್ತಾಯ, ಡಾ. ವೆಂಕಟ್ರಮಣ ಭಟ್, ಗಣ್ಯರು ಮಾತನಾಡಿದರು. ಶಂಕರ ಭಟ್ ಸ್ವಾಗತಿಸಿ ವಂದಿಸಿದರು.
